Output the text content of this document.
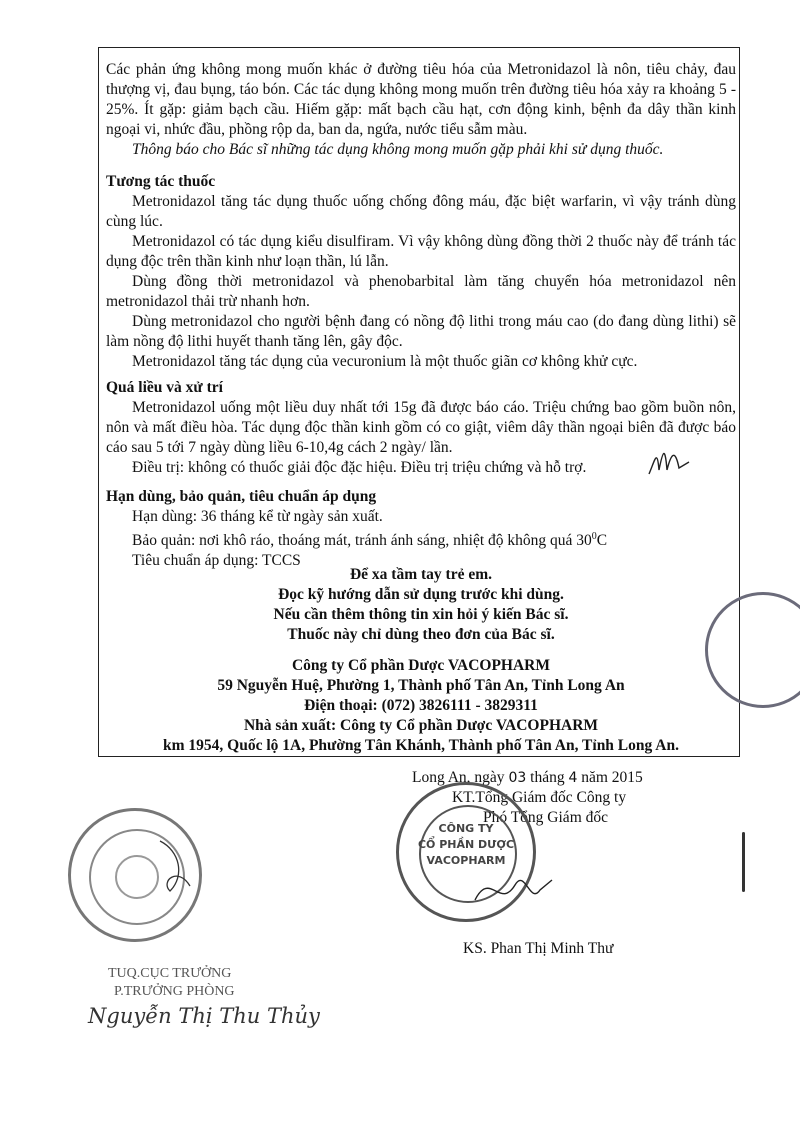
Các phản ứng không mong muốn khác ở đường tiêu hóa của Metronidazol là nôn, tiêu chảy, đau thượng vị, đau bụng, táo bón. Các tác dụng không mong muốn trên đường tiêu hóa xảy ra khoảng 5 - 25%. Ít gặp: giảm bạch cầu. Hiếm gặp: mất bạch cầu hạt, cơn động kinh, bệnh đa dây thần kinh ngoại vi, nhức đầu, phồng rộp da, ban da, ngứa, nước tiểu sẫm màu.

Thông báo cho Bác sĩ những tác dụng không mong muốn gặp phải khi sử dụng thuốc.

Tương tác thuốc

Metronidazol tăng tác dụng thuốc uống chống đông máu, đặc biệt warfarin, vì vậy tránh dùng cùng lúc.

Metronidazol có tác dụng kiểu disulfiram. Vì vậy không dùng đồng thời 2 thuốc này để tránh tác dụng độc trên thần kinh như loạn thần, lú lẫn.

Dùng đồng thời metronidazol và phenobarbital làm tăng chuyển hóa metronidazol nên metronidazol thải trừ nhanh hơn.

Dùng metronidazol cho người bệnh đang có nồng độ lithi trong máu cao (do đang dùng lithi) sẽ làm nồng độ lithi huyết thanh tăng lên, gây độc.

Metronidazol tăng tác dụng của vecuronium là một thuốc giãn cơ không khử cực.

Quá liều và xử trí

Metronidazol uống một liều duy nhất tới 15g đã được báo cáo. Triệu chứng bao gồm buồn nôn, nôn và mất điều hòa. Tác dụng độc thần kinh gồm có co giật, viêm dây thần ngoại biên đã được báo cáo sau 5 tới 7 ngày dùng liều 6-10,4g cách 2 ngày/ lần.

Điều trị: không có thuốc giải độc đặc hiệu. Điều trị triệu chứng và hỗ trợ.

Hạn dùng, bảo quản, tiêu chuẩn áp dụng

Hạn dùng: 36 tháng kể từ ngày sản xuất.

Bảo quản: nơi khô ráo, thoáng mát, tránh ánh sáng, nhiệt độ không quá $30^0C$

Tiêu chuẩn áp dụng: TCCS

Để xa tầm tay trẻ em.

Đọc kỹ hướng dẫn sử dụng trước khi dùng.

Nếu cần thêm thông tin xin hỏi ý kiến Bác sĩ.

Thuốc này chỉ dùng theo đơn của Bác sĩ.

Công ty Cổ phần Dược VACOPHARM

59 Nguyễn Huệ, Phường 1, Thành phố Tân An, Tỉnh Long An

Điện thoại: (072) 3826111 - 3829311

Nhà sản xuất: Công ty Cổ phần Dược VACOPHARM

km 1954, Quốc lộ 1A, Phường Tân Khánh, Thành phố Tân An, Tỉnh Long An.

Long An, ngày 03 tháng 4 năm 2015
KT.Tổng Giám đốc Công ty
Phó Tổng Giám đốc
CÔNG TY
CỔ PHẦN DƯỢC
VACOPHARM
KS. Phan Thị Minh Thư
TUQ.CỤC TRƯỞNG
P.TRƯỞNG PHÒNG
Nguyễn Thị Thu Thủy
